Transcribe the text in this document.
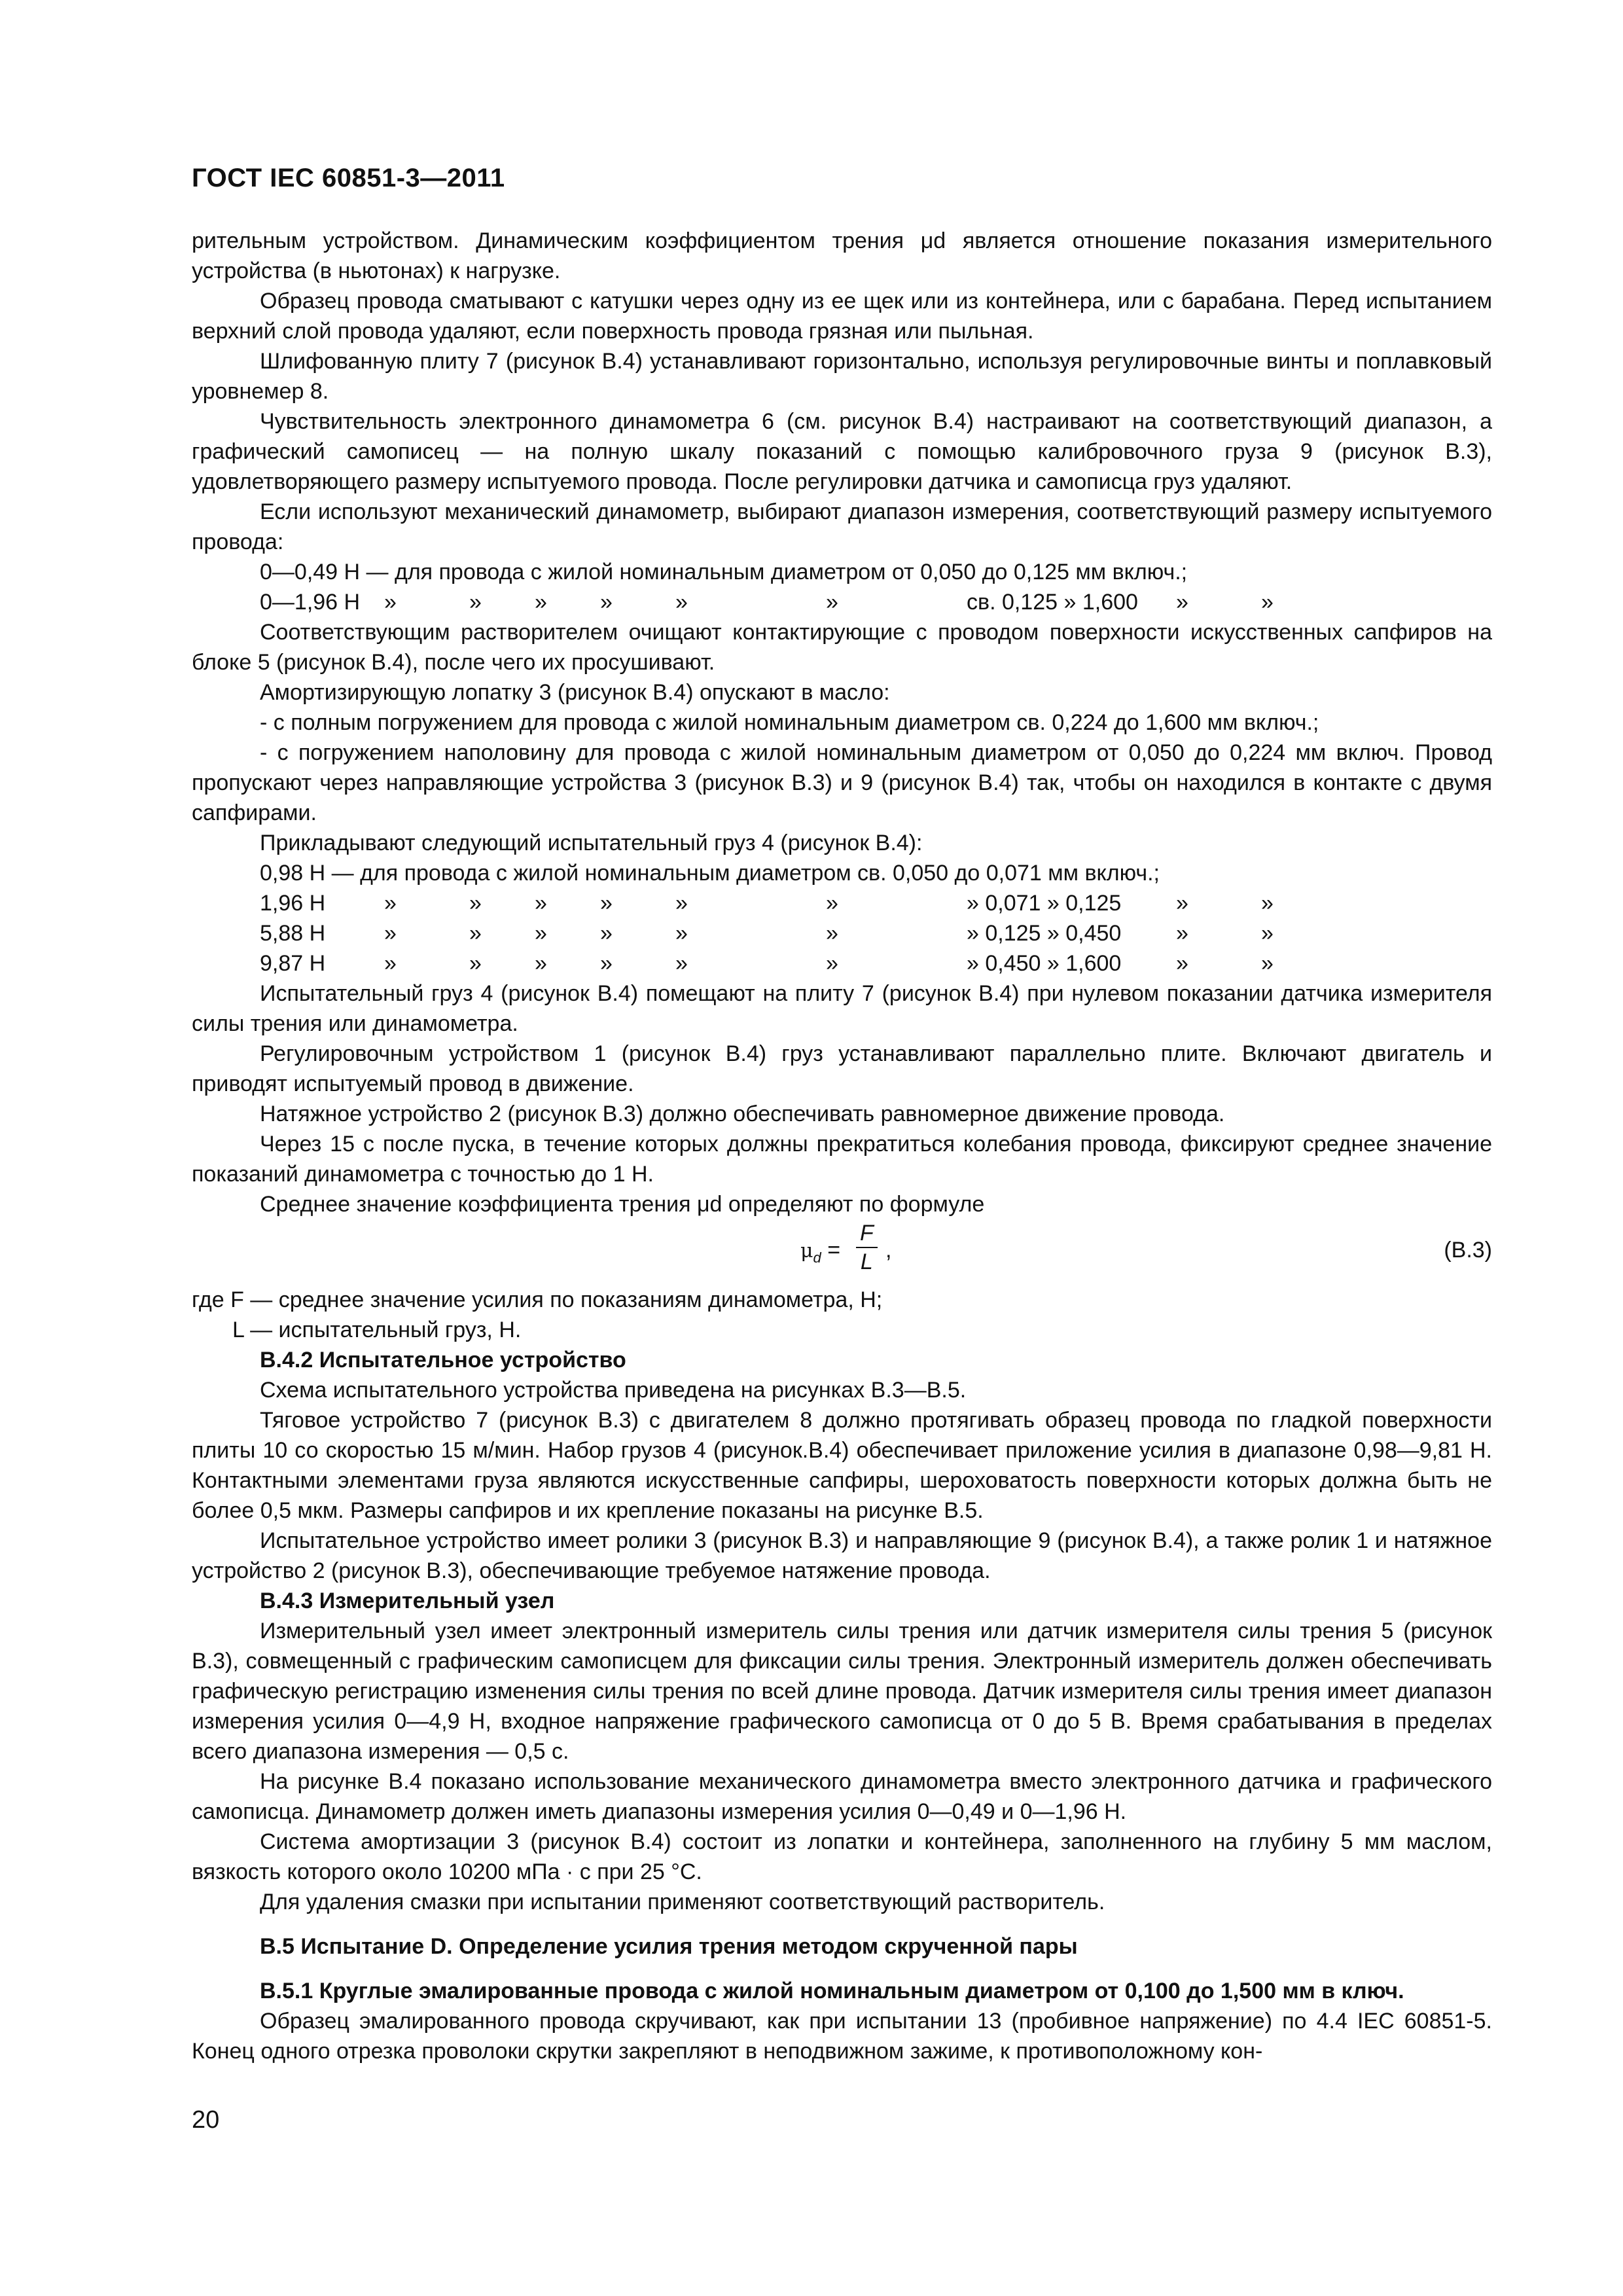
ГОСТ IEC 60851-3—2011

рительным устройством. Динамическим коэффициентом трения μd является отношение показания измерительного устройства (в ньютонах) к нагрузке.

Образец провода сматывают с катушки через одну из ее щек или из контейнера, или с барабана. Перед испытанием верхний слой провода удаляют, если поверхность провода грязная или пыльная.

Шлифованную плиту 7 (рисунок B.4) устанавливают горизонтально, используя регулировочные винты и поплавковый уровнемер 8.

Чувствительность электронного динамометра 6 (см. рисунок B.4) настраивают на соответствующий диапазон, а графический самописец — на полную шкалу показаний с помощью калибровочного груза 9 (рисунок B.3), удовлетворяющего размеру испытуемого провода. После регулировки датчика и самописца груз удаляют.

Если используют механический динамометр, выбирают диапазон измерения, соответствующий размеру испытуемого провода:

0—0,49 Н — для провода с жилой номинальным диаметром от 0,050 до 0,125 мм включ.;
0—1,96 Н »	» » »	»	»	св. 0,125 » 1,600 »	»

Соответствующим растворителем очищают контактирующие с проводом поверхности искусственных сапфиров на блоке 5 (рисунок B.4), после чего их просушивают.

Амортизирующую лопатку 3 (рисунок B.4) опускают в масло:

- с полным погружением для провода с жилой номинальным диаметром св. 0,224 до 1,600 мм включ.;

- с погружением наполовину для провода с жилой номинальным диаметром от 0,050 до 0,224 мм включ. Провод пропускают через направляющие устройства 3 (рисунок B.3) и 9 (рисунок B.4) так, чтобы он находился в контакте с двумя сапфирами.

Прикладывают следующий испытательный груз 4 (рисунок B.4):

0,98 Н — для провода с жилой номинальным диаметром св. 0,050 до 0,071 мм включ.;
1,96 Н	»	» » »	»	»	» 0,071 » 0,125 »	»
5,88 Н	»	» » »	»	»	» 0,125 » 0,450 »	»
9,87 Н	»	» » »	»	»	» 0,450 » 1,600 »	»

Испытательный груз 4 (рисунок B.4) помещают на плиту 7 (рисунок B.4) при нулевом показании датчика измерителя силы трения или динамометра.

Регулировочным устройством 1 (рисунок B.4) груз устанавливают параллельно плите. Включают двигатель и приводят испытуемый провод в движение.

Натяжное устройство 2 (рисунок B.3) должно обеспечивать равномерное движение провода.

Через 15 с после пуска, в течение которых должны прекратиться колебания провода, фиксируют среднее значение показаний динамометра с точностью до 1 Н.

Среднее значение коэффициента трения μd определяют по формуле

$\mu_d = \frac{F}{L}$ ,	(B.3)

где F — среднее значение усилия по показаниям динамометра, Н;

L — испытательный груз, Н.

B.4.2 Испытательное устройство

Схема испытательного устройства приведена на рисунках B.3—B.5.

Тяговое устройство 7 (рисунок B.3) с двигателем 8 должно протягивать образец провода по гладкой поверхности плиты 10 со скоростью 15 м/мин. Набор грузов 4 (рисунок.B.4) обеспечивает приложение усилия в диапазоне 0,98—9,81 Н. Контактными элементами груза являются искусственные сапфиры, шероховатость поверхности которых должна быть не более 0,5 мкм. Размеры сапфиров и их крепление показаны на рисунке B.5.

Испытательное устройство имеет ролики 3 (рисунок B.3) и направляющие 9 (рисунок B.4), а также ролик 1 и натяжное устройство 2 (рисунок B.3), обеспечивающие требуемое натяжение провода.

B.4.3 Измерительный узел

Измерительный узел имеет электронный измеритель силы трения или датчик измерителя силы трения 5 (рисунок B.3), совмещенный с графическим самописцем для фиксации силы трения. Электронный измеритель должен обеспечивать графическую регистрацию изменения силы трения по всей длине провода. Датчик измерителя силы трения имеет диапазон измерения усилия 0—4,9 Н, входное напряжение графического самописца от 0 до 5 В. Время срабатывания в пределах всего диапазона измерения — 0,5 с.

На рисунке B.4 показано использование механического динамометра вместо электронного датчика и графического самописца. Динамометр должен иметь диапазоны измерения усилия 0—0,49 и 0—1,96 Н.

Система амортизации 3 (рисунок B.4) состоит из лопатки и контейнера, заполненного на глубину 5 мм маслом, вязкость которого около 10200 мПа · с при 25 °С.

Для удаления смазки при испытании применяют соответствующий растворитель.

B.5 Испытание D. Определение усилия трения методом скрученной пары
B.5.1 Круглые эмалированные провода с жилой номинальным диаметром от 0,100 до 1,500 мм в ключ.

Образец эмалированного провода скручивают, как при испытании 13 (пробивное напряжение) по 4.4 IEC 60851-5. Конец одного отрезка проволоки скрутки закрепляют в неподвижном зажиме, к противоположному кон-

20
